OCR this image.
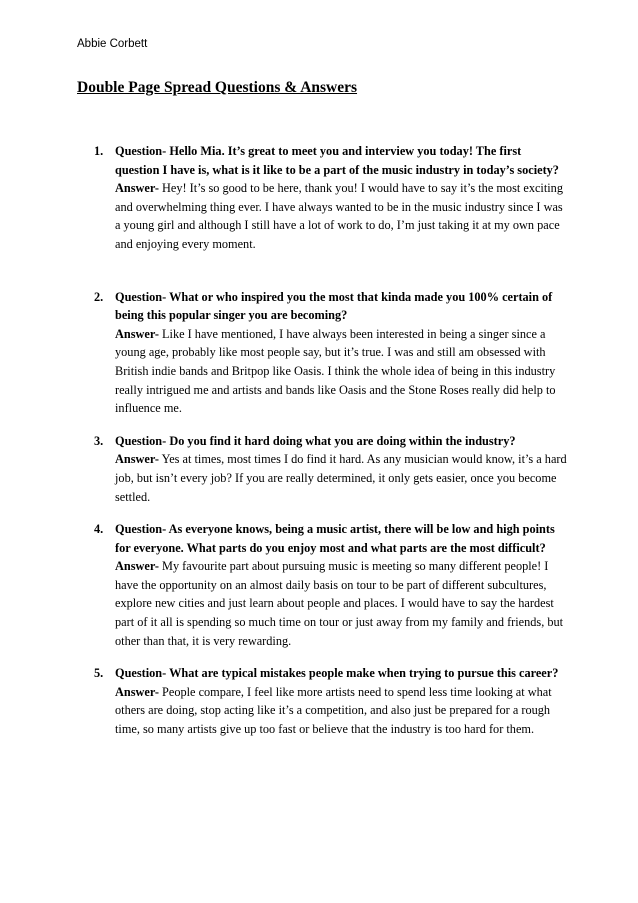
Abbie Corbett
Double Page Spread Questions & Answers
1. Question- Hello Mia. It’s great to meet you and interview you today! The first question I have is, what is it like to be a part of the music industry in today’s society?
Answer- Hey! It’s so good to be here, thank you! I would have to say it’s the most exciting and overwhelming thing ever. I have always wanted to be in the music industry since I was a young girl and although I still have a lot of work to do, I’m just taking it at my own pace and enjoying every moment.
2. Question- What or who inspired you the most that kinda made you 100% certain of being this popular singer you are becoming?
Answer- Like I have mentioned, I have always been interested in being a singer since a young age, probably like most people say, but it’s true. I was and still am obsessed with British indie bands and Britpop like Oasis. I think the whole idea of being in this industry really intrigued me and artists and bands like Oasis and the Stone Roses really did help to influence me.
3. Question- Do you find it hard doing what you are doing within the industry?
Answer- Yes at times, most times I do find it hard. As any musician would know, it’s a hard job, but isn’t every job? If you are really determined, it only gets easier, once you become settled.
4. Question- As everyone knows, being a music artist, there will be low and high points for everyone. What parts do you enjoy most and what parts are the most difficult?
Answer- My favourite part about pursuing music is meeting so many different people! I have the opportunity on an almost daily basis on tour to be part of different subcultures, explore new cities and just learn about people and places. I would have to say the hardest part of it all is spending so much time on tour or just away from my family and friends, but other than that, it is very rewarding.
5. Question- What are typical mistakes people make when trying to pursue this career?
Answer- People compare, I feel like more artists need to spend less time looking at what others are doing, stop acting like it’s a competition, and also just be prepared for a rough time, so many artists give up too fast or believe that the industry is too hard for them.
